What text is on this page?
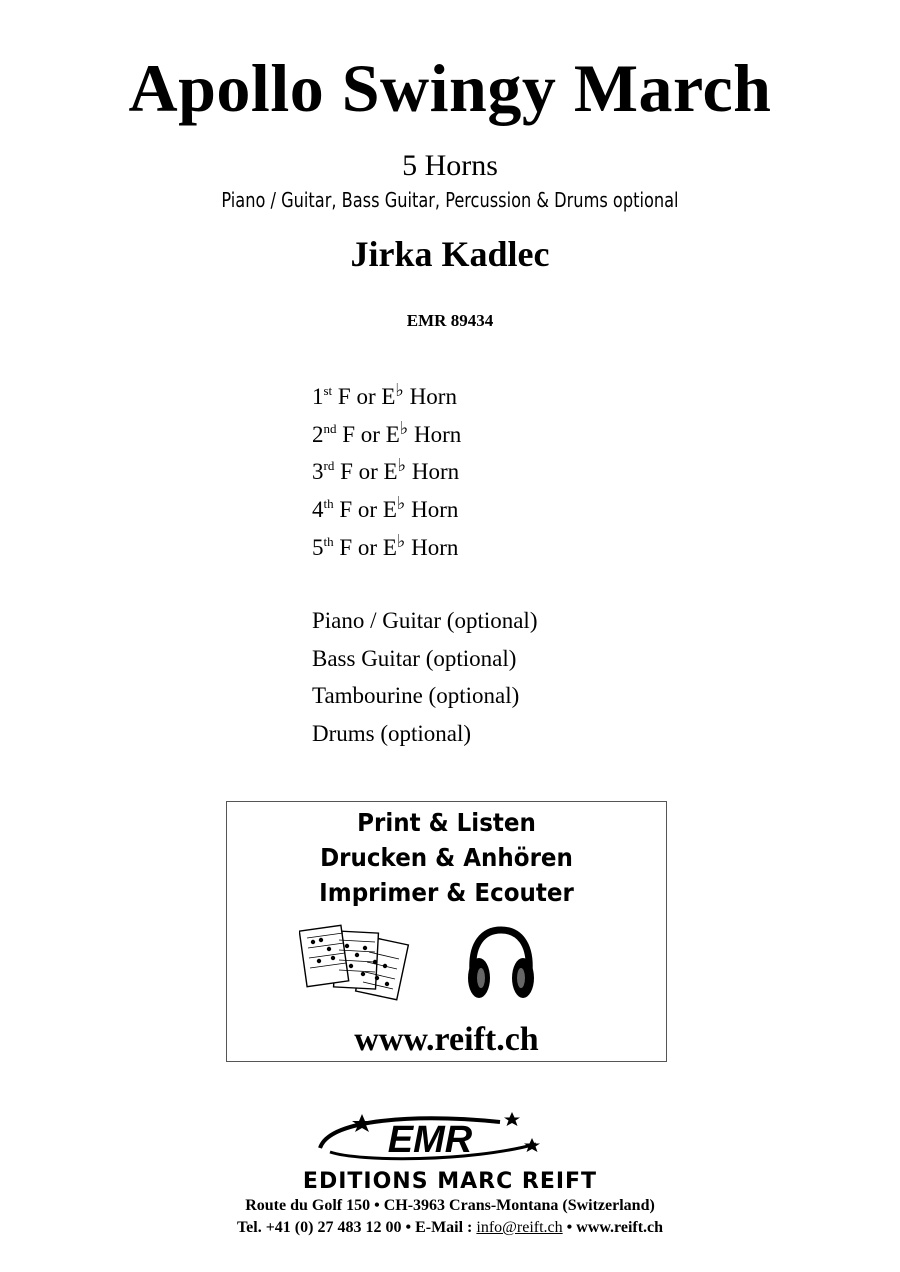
Apollo Swingy March
5 Horns
Piano / Guitar, Bass Guitar, Percussion & Drums optional
Jirka Kadlec
EMR 89434
1st F or E♭ Horn
2nd F or E♭ Horn
3rd F or E♭ Horn
4th F or E♭ Horn
5th F or E♭ Horn
Piano / Guitar (optional)
Bass Guitar (optional)
Tambourine (optional)
Drums (optional)
Print & Listen
Drucken & Anhören
Imprimer & Ecouter
www.reift.ch
EMR
EDITIONS MARC REIFT
Route du Golf 150 • CH-3963 Crans-Montana (Switzerland)
Tel. +41 (0) 27 483 12 00 • E-Mail : info@reift.ch • www.reift.ch
